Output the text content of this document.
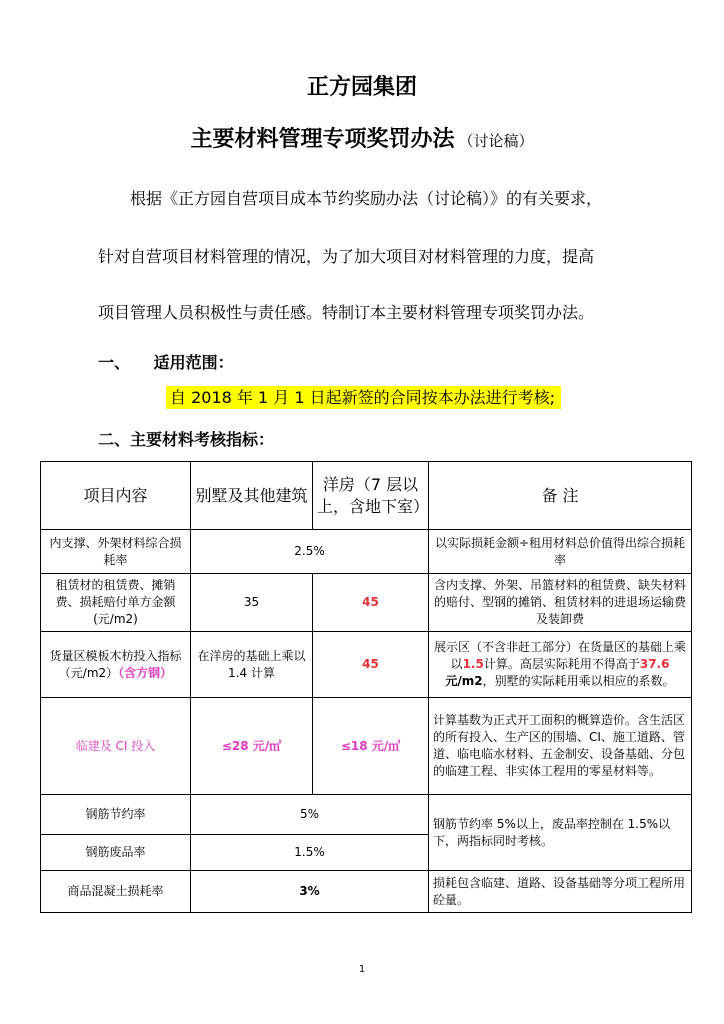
正方园集团
主要材料管理专项奖罚办法 （讨论稿）
根据《正方园自营项目成本节约奖励办法（讨论稿）》的有关要求，
针对自营项目材料管理的情况，为了加大项目对材料管理的力度，提高
项目管理人员积极性与责任感。特制订本主要材料管理专项奖罚办法。
一、 适用范围：
自 2018 年 1 月 1 日起新签的合同按本办法进行考核;
二、主要材料考核指标：
项目内容	别墅及其他建筑	洋房（7 层以上，含地下室）	备 注
内支撑、外架材料综合损耗率	2.5%		以实际损耗金额÷租用材料总价值得出综合损耗率
租赁材的租赁费、摊销费、损耗赔付单方金额(元/m2)	35	45	含内支撑、外架、吊篮材料的租赁费、缺失材料的赔付、型钢的摊销、租赁材料的进退场运输费及装卸费
货量区模板木枋投入指标（元/m2）（含方钢）	在洋房的基础上乘以 1.4 计算	45	展示区（不含非赶工部分）在货量区的基础上乘以1.5计算。高层实际耗用不得高于37.6元/m2，别墅的实际耗用乘以相应的系数。
临建及 CI 投入	≤28 元/㎡	≤18 元/㎡	计算基数为正式开工面积的概算造价。含生活区的所有投入、生产区的围墙、CI、施工道路、管道、临电临水材料、五金制安、设备基础、分包的临建工程、非实体工程用的零星材料等。
钢筋节约率	5%		钢筋节约率 5%以上，废品率控制在 1.5%以下，两指标同时考核。
钢筋废品率	1.5%		
商品混凝土损耗率	3%		损耗包含临建、道路、设备基础等分项工程所用砼量。
1
